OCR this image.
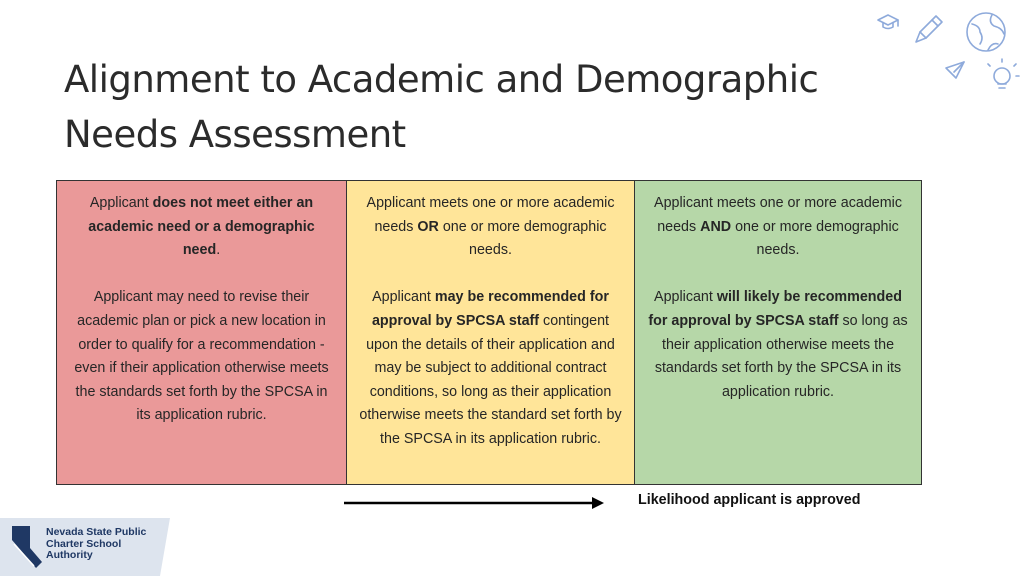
Alignment to Academic and Demographic
Needs Assessment

Applicant does not meet either an academic need or a demographic need.

Applicant may need to revise their academic plan or pick a new location in order to qualify for a recommendation - even if their application otherwise meets the standards set forth by the SPCSA in its application rubric.

Applicant meets one or more academic needs OR one or more demographic needs.

Applicant may be recommended for approval by SPCSA staff contingent upon the details of their application and may be subject to additional contract conditions, so long as their application otherwise meets the standard set forth by the SPCSA in its application rubric.

Applicant meets one or more academic needs AND one or more demographic needs.

Applicant will likely be recommended for approval by SPCSA staff so long as their application otherwise meets the standards set forth by the SPCSA in its application rubric.

Likelihood applicant is approved
Nevada State Public
Charter School
Authority
